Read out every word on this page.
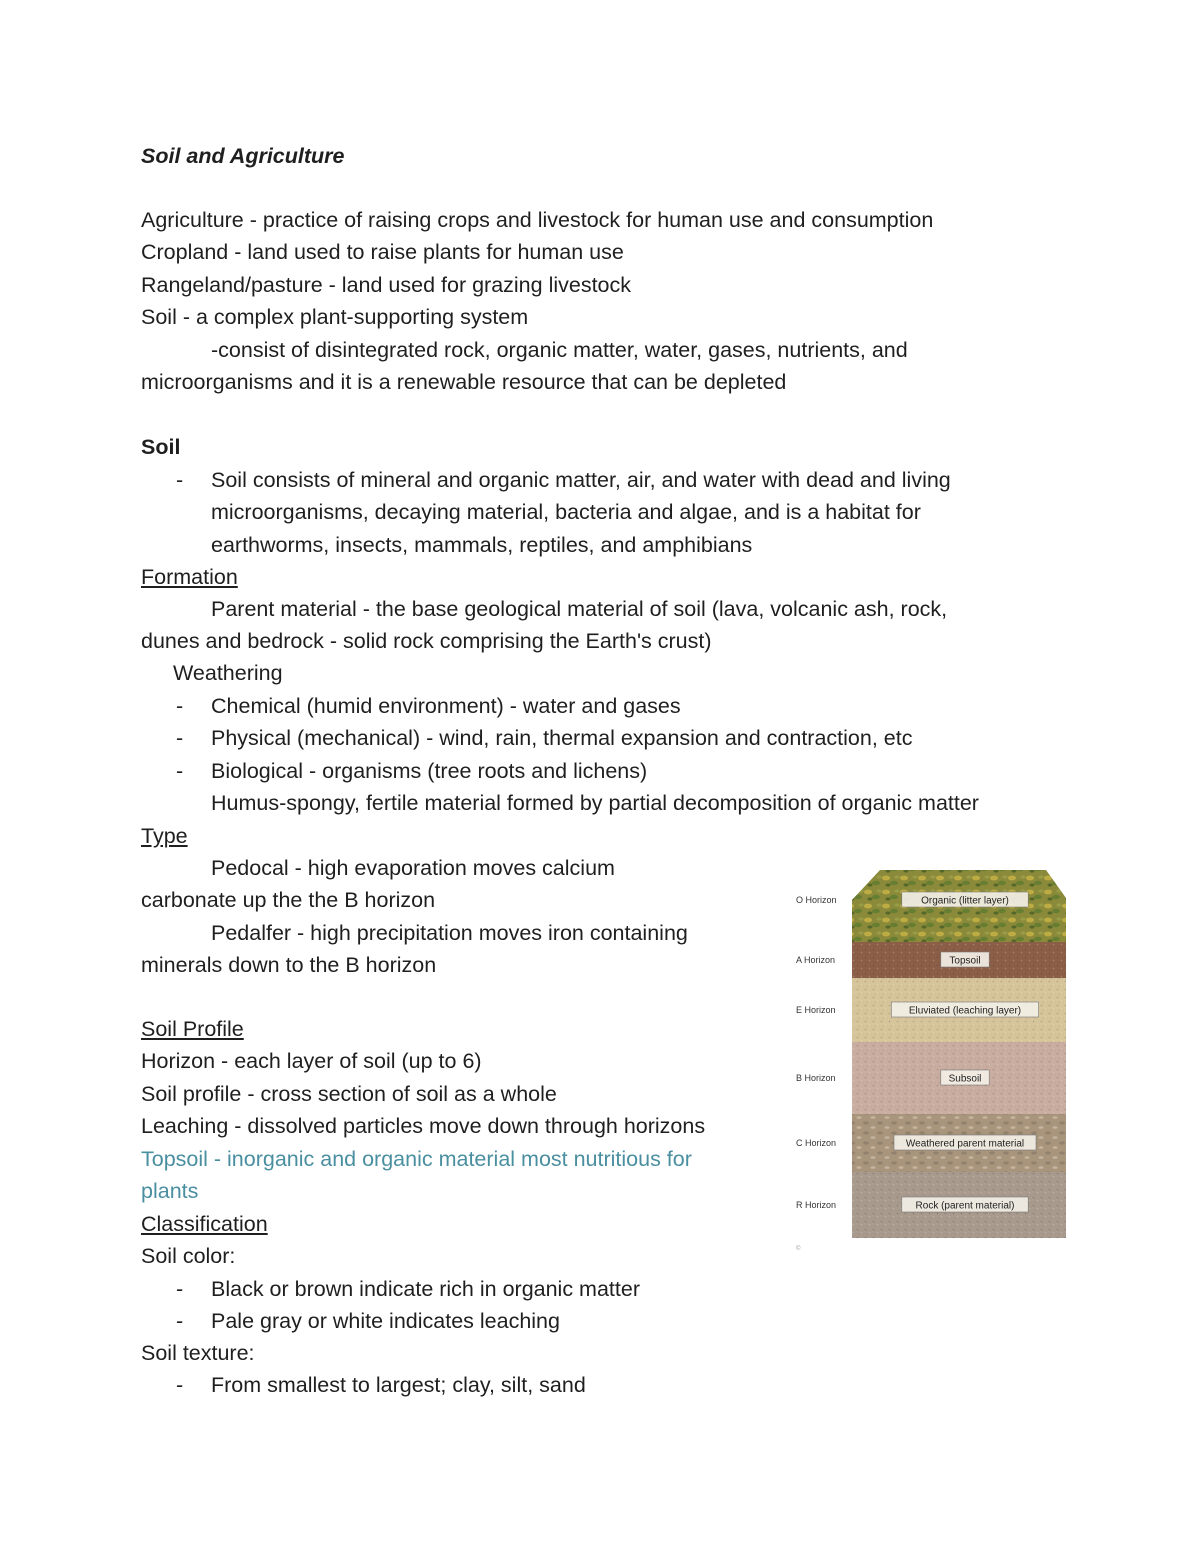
Soil and Agriculture
Agriculture - practice of raising crops and livestock for human use and consumption
Cropland - land used to raise plants for human use
Rangeland/pasture - land used for grazing livestock
Soil - a complex plant-supporting system
-consist of disintegrated rock, organic matter, water, gases, nutrients, and
microorganisms and it is a renewable resource that can be depleted
Soil
- Soil consists of mineral and organic matter, air, and water with dead and living
microorganisms, decaying material, bacteria and algae, and is a habitat for
earthworms, insects, mammals, reptiles, and amphibians
Formation
Parent material - the base geological material of soil (lava, volcanic ash, rock,
dunes and bedrock - solid rock comprising the Earth's crust)
Weathering
- Chemical (humid environment) - water and gases
- Physical (mechanical) - wind, rain, thermal expansion and contraction, etc
- Biological - organisms (tree roots and lichens)
Humus-spongy, fertile material formed by partial decomposition of organic matter
Type
Pedocal - high evaporation moves calcium
carbonate up the the B horizon
Pedalfer - high precipitation moves iron containing
minerals down to the B horizon
Soil Profile
Horizon - each layer of soil (up to 6)
Soil profile - cross section of soil as a whole
Leaching - dissolved particles move down through horizons
Topsoil - inorganic and organic material most nutritious for
plants
Classification
Soil color:
- Black or brown indicate rich in organic matter
- Pale gray or white indicates leaching
Soil texture:
- From smallest to largest; clay, silt, sand
O Horizon	Organic (litter layer)
A Horizon	Topsoil
E Horizon	Eluviated (leaching layer)
B Horizon	Subsoil
C Horizon	Weathered parent material
R Horizon	Rock (parent material)
©
